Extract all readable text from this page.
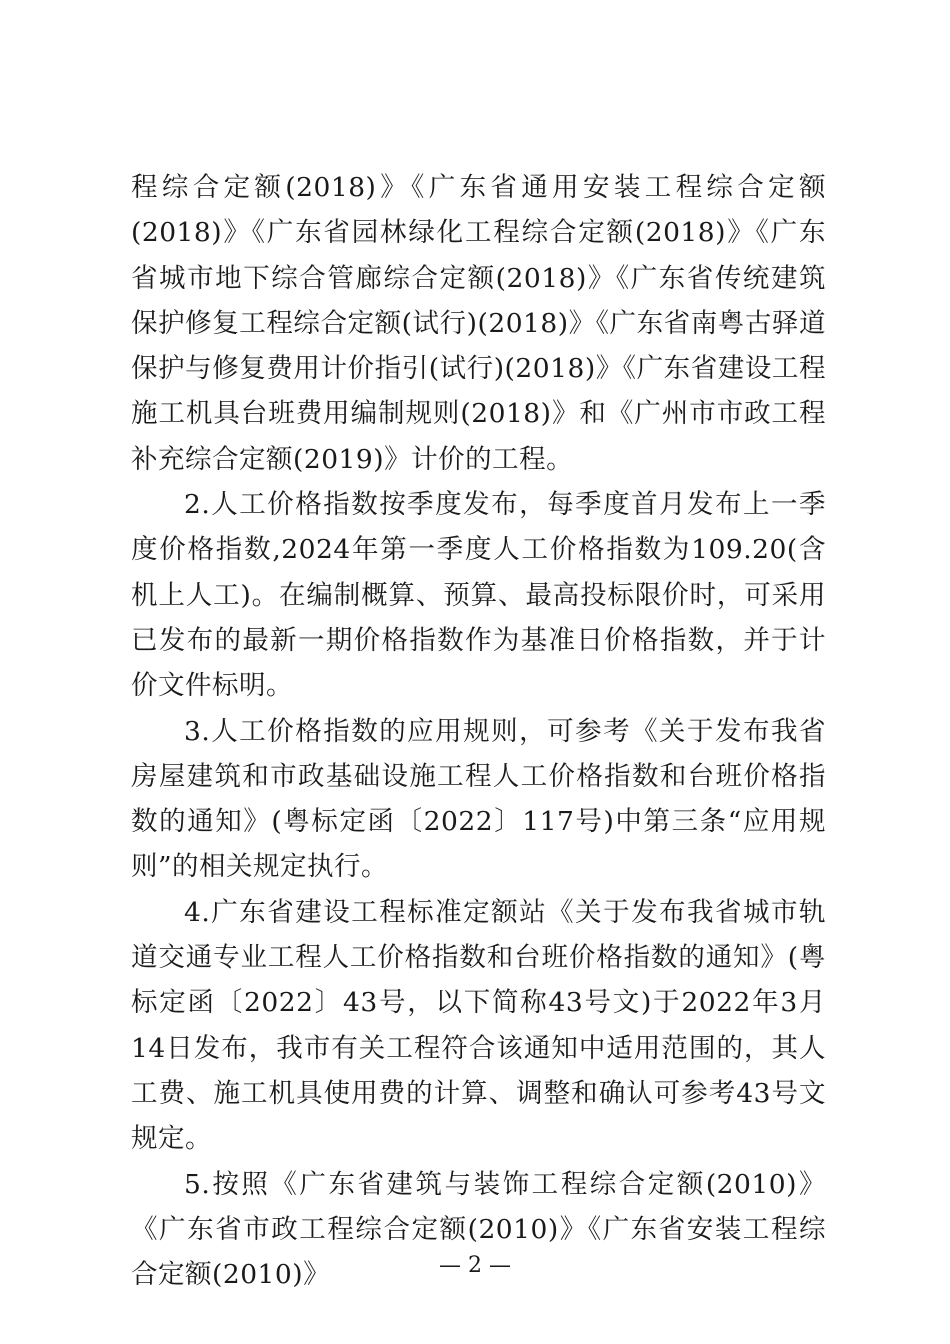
程综合定额(2018)》《广东省通用安装工程综合定额(2018)》《广东省园林绿化工程综合定额(2018)》《广东省城市地下综合管廊综合定额(2018)》《广东省传统建筑保护修复工程综合定额(试行)(2018)》《广东省南粤古驿道保护与修复费用计价指引(试行)(2018)》《广东省建设工程施工机具台班费用编制规则(2018)》和《广州市市政工程补充综合定额(2019)》计价的工程。

2.人工价格指数按季度发布，每季度首月发布上一季度价格指数,2024年第一季度人工价格指数为109.20(含机上人工)。在编制概算、预算、最高投标限价时，可采用已发布的最新一期价格指数作为基准日价格指数，并于计价文件标明。

3.人工价格指数的应用规则，可参考《关于发布我省房屋建筑和市政基础设施工程人工价格指数和台班价格指数的通知》(粤标定函〔2022〕117号)中第三条“应用规则”的相关规定执行。

4.广东省建设工程标准定额站《关于发布我省城市轨道交通专业工程人工价格指数和台班价格指数的通知》(粤标定函〔2022〕43号，以下简称43号文)于2022年3月14日发布，我市有关工程符合该通知中适用范围的，其人工费、施工机具使用费的计算、调整和确认可参考43号文规定。

5.按照《广东省建筑与装饰工程综合定额(2010)》《广东省市政工程综合定额(2010)》《广东省安装工程综合定额(2010)》	— 2 —
